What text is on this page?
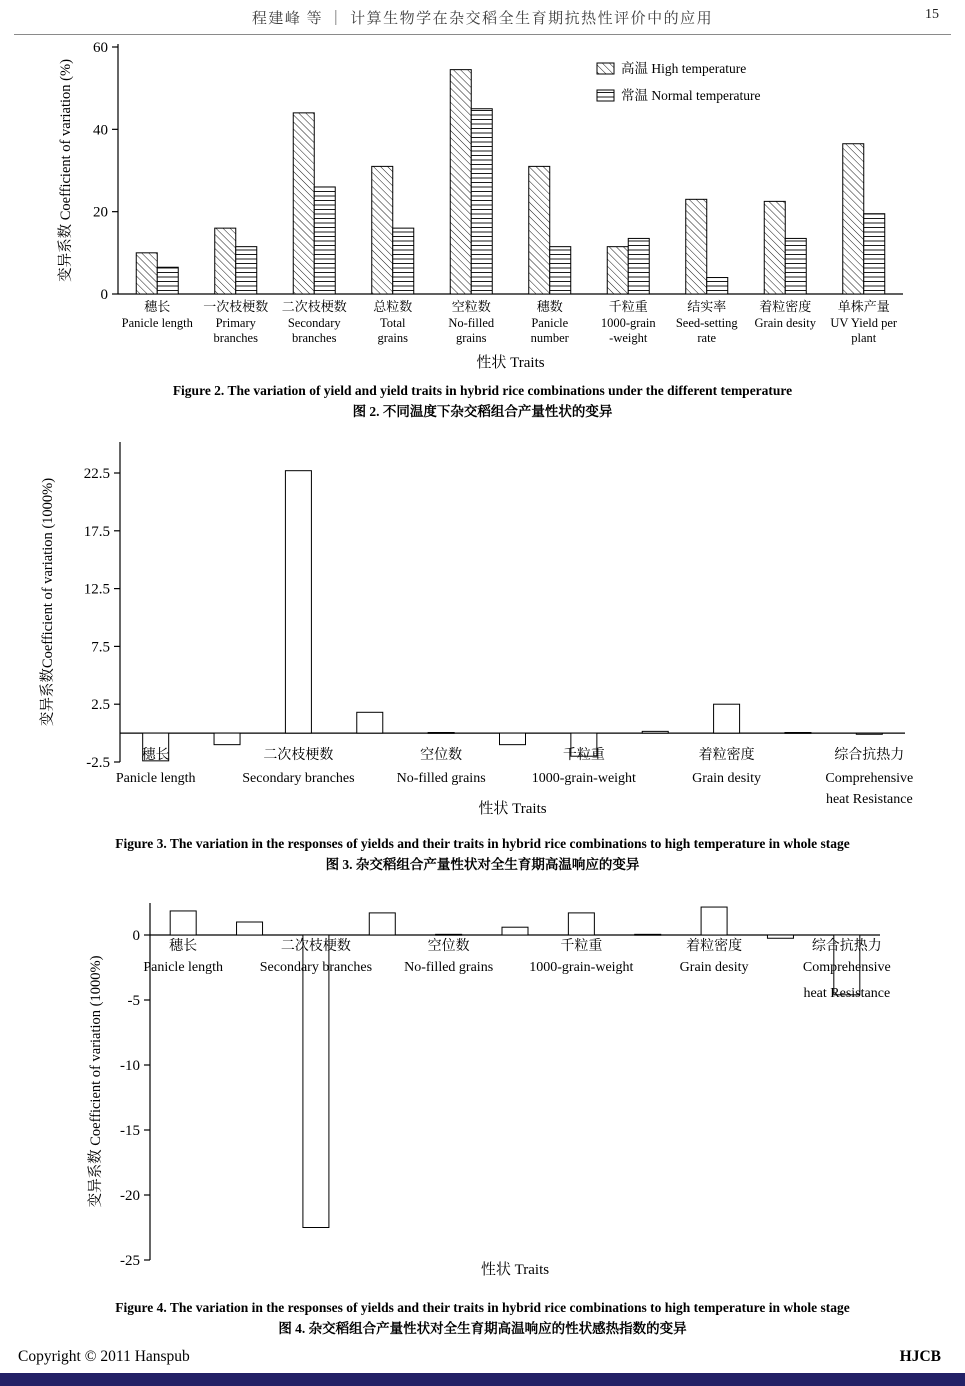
程建峰 等 ｜ 计算生物学在杂交稻全生育期抗热性评价中的应用	15
0
20
40
60
变异系数 Coefficient of variation (%)
穗长
Panicle length
一次枝梗数
Primary
branches
二次枝梗数
Secondary
branches
总粒数
Total
grains
空粒数
No-filled
grains
穗数
Panicle
number
千粒重
1000-grain
-weight
结实率
Seed-setting
rate
着粒密度
Grain desity
单株产量
UV Yield per
plant
性状 Traits
高温 High temperature
常温 Normal temperature
Figure 2. The variation of yield and yield traits in hybrid rice combinations under the different temperature
图 2. 不同温度下杂交稻组合产量性状的变异
22.5
17.5
12.5
7.5
2.5
-2.5
变异系数Coefficient of variation (1000%)
穗长
Panicle length
二次枝梗数
Secondary branches
空位数
No-filled grains
千粒重
1000-grain-weight
着粒密度
Grain desity
综合抗热力
Comprehensive
heat Resistance
性状 Traits
Figure 3. The variation in the responses of yields and their traits in hybrid rice combinations to high temperature in whole stage
图 3. 杂交稻组合产量性状对全生育期高温响应的变异
0
-5
-10
-15
-20
-25
变异系数 Coefficient of variation (1000%)
穗长
Panicle length
二次枝梗数
Secondary branches
空位数
No-filled grains
千粒重
1000-grain-weight
着粒密度
Grain desity
综合抗热力
Comprehensive
heat Resistance
性状 Traits
Figure 4. The variation in the responses of yields and their traits in hybrid rice combinations to high temperature in whole stage
图 4. 杂交稻组合产量性状对全生育期高温响应的性状感热指数的变异
Copyright © 2011 Hanspub	HJCB
